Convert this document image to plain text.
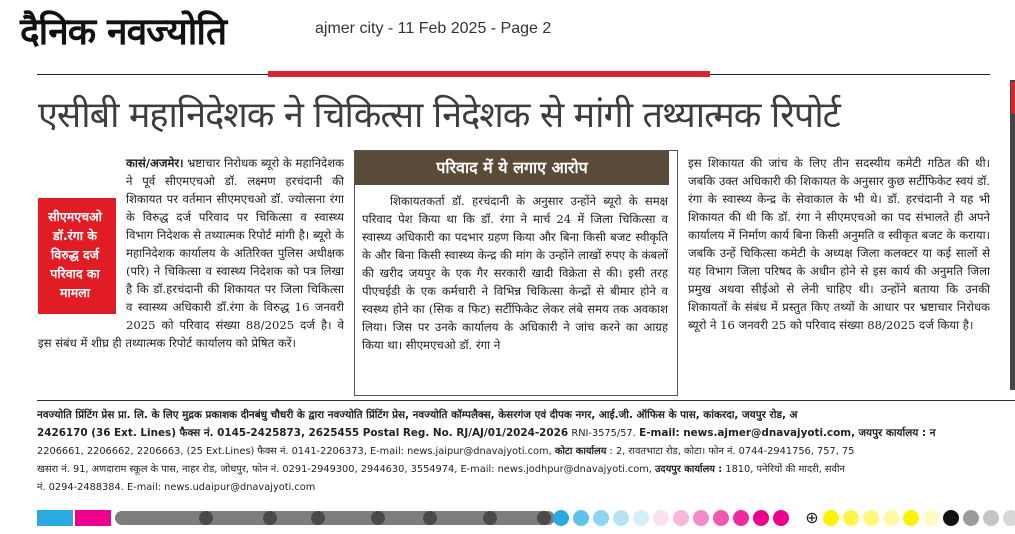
दैनिक नवज्योति	ajmer city - 11 Feb 2025 - Page 2
एसीबी महानिदेशक ने चिकित्सा निदेशक से मांगी तथ्यात्मक रिपोर्ट
सीएमएचओ डॉ.रंगा के विरुद्ध दर्ज परिवाद का मामला
कासं/अजमेर। भ्रष्टाचार निरोधक ब्यूरो के महानिदेशक ने पूर्व सीएमएचओ डॉ. लक्ष्मण हरचंदानी की शिकायत पर वर्तमान सीएमएचओ डॉ. ज्योत्सना रंगा के विरुद्ध दर्ज परिवाद पर चिकित्सा व स्वास्थ्य विभाग निदेशक से तथ्यात्मक रिपोर्ट मांगी है। ब्यूरो के महानिदेशक कार्यालय के अतिरिक्त पुलिस अधीक्षक (परि) ने चिकित्सा व स्वास्थ्य निदेशक को पत्र लिखा है कि डॉ.हरचंदानी की शिकायत पर जिला चिकित्सा व स्वास्थ्य अधिकारी डॉ.रंगा के विरुद्ध 16 जनवरी 2025 को परिवाद संख्या 88/2025 दर्ज है। वे इस संबंध में शीघ्र ही तथ्यात्मक रिपोर्ट कार्यालय को प्रेषित करें।
परिवाद में ये लगाए आरोप
शिकायतकर्ता डॉ. हरचंदानी के अनुसार उन्होंने ब्यूरो के समक्ष परिवाद पेश किया था कि डॉ. रंगा ने मार्च 24 में जिला चिकित्सा व स्वास्थ्य अधिकारी का पदभार ग्रहण किया और बिना किसी बजट स्वीकृति के और बिना किसी स्वास्थ्य केन्द्र की मांग के उन्होंने लाखों रुपए के कंबलों की खरीद जयपुर के एक गैर सरकारी खादी विक्रेता से की। इसी तरह पीएचईडी के एक कर्मचारी ने विभिन्न चिकित्सा केन्द्रों से बीमार होने व स्वस्थ्य होने का (सिक व फिट) सर्टीफिकेट लेकर लंबे समय तक अवकाश लिया। जिस पर उनके कार्यालय के अधिकारी ने जांच करने का आग्रह किया था। सीएमएचओ डॉ. रंगा ने
इस शिकायत की जांच के लिए तीन सदस्यीय कमेटी गठित की थी। जबकि उक्त अधिकारी की शिकायत के अनुसार कुछ सर्टीफिकेट स्वयं डॉ. रंगा के स्वास्थ्य केन्द्र के सेवाकाल के भी थे। डॉ. हरचंदानी ने यह भी शिकायत की थी कि डॉ. रंगा ने सीएमएचओ का पद संभालते ही अपने कार्यालय में निर्माण कार्य बिना किसी अनुमति व स्वीकृत बजट के कराया। जबकि उन्हें चिकित्सा कमेटी के अध्यक्ष जिला कलक्टर या कई सालों से यह विभाग जिला परिषद के अधीन होने से इस कार्य की अनुमति जिला प्रमुख अथवा सीईओ से लेनी चाहिए थी। उन्होंने बताया कि उनकी शिकायतों के संबंध में प्रस्तुत किए तथ्यों के आधार पर भ्रष्टाचार निरोधक ब्यूरो ने 16 जनवरी 25 को परिवाद संख्या 88/2025 दर्ज किया है।
नवज्योति प्रिंटिंग प्रेस प्रा. लि. के लिए मुद्रक प्रकाशक दीनबंधु चौधरी के द्वारा नवज्योति प्रिंटिंग प्रेस, नवज्योति कॉम्पलैक्स, केसरगंज एवं दीपक नगर, आई.जी. ऑफिस के पास, कांकरदा, जयपुर रोड, अ
2426170 (36 Ext. Lines) फैक्स नं. 0145-2425873, 2625455 Postal Reg. No. RJ/AJ/01/2024-2026 RNI-3575/57. E-mail: news.ajmer@dnavajyoti.com, जयपुर कार्यालय : न
2206661, 2206662, 2206663, (25 Ext.Lines) फैक्स नं. 0141-2206373, E-mail: news.jaipur@dnavajyoti.com, कोटा कार्यालय : 2, रावतभाटा रोड, कोटा। फोन नं. 0744-2941756, 757, 75
खसरा नं. 91, अणदाराम स्कूल के पास, नाहर रोड, जोधपुर, फोन नं. 0291-2949300, 2944630, 3554974, E-mail: news.jodhpur@dnavajyoti.com, उदयपुर कार्यालय : 1810, पनेरियों की मादरी, सवीन
नं. 0294-2488384. E-mail: news.udaipur@dnavajyoti.com
⊕
